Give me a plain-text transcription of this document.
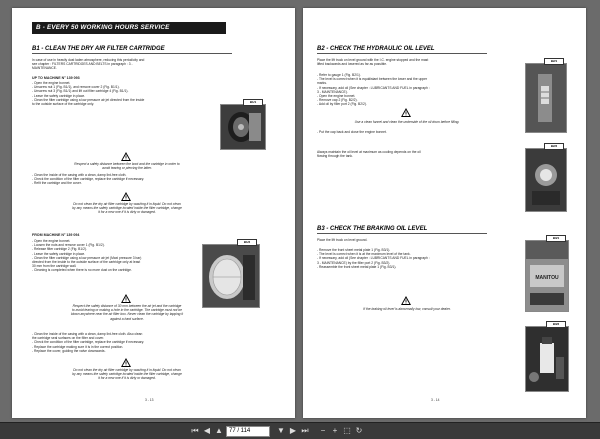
B - EVERY 50 WORKING HOURS SERVICE
B1 - CLEAN THE DRY AIR FILTER CARTRIDGE
In case of use in heavily dust laden atmosphere, reducing this periodicity and
see chapter : FILTERS CARTRIDGES AND BELTS in paragraph : 3 -
MAINTENANCE.
UP TO MACHINE N° 139 093
- Open the engine bonnet.
- Unscrew nut 1 (Fig. B1/1), and remove cover 2 (Fig. B1/1).
- Unscrew nut 3 (Fig. B1/1) and lift out filter cartridge 4 (Fig. B1/1).
- Leave the safety cartridge in place.
- Clean the filter cartridge using a low pressure air jet directed from the inside
to the outside surface of the cartridge only.
B1/1
Respect a safety distance between the boot and the cartridge in order to
avoid tearing or piercing the latter.
- Clean the inside of the casing with a clean, damp lint-free cloth.
- Check the condition of the filter cartridge, replace the cartridge if necessary.
- Refit the cartridge and the cover.
Do not clean the dry air filter cartridge by washing it in liquid. Do not clean
by any means the safety cartridge located inside the filter cartridge, change
it for a new one if it is dirty or damaged.
FROM MACHINE N° 139 094
- Open the engine bonnet.
- Loosen the nuts and remove cover 1 (Fig. B1/2).
- Release filter cartridge 2 (Fig. B1/2).
- Leave the safety cartridge in place.
- Clean the filter cartridge using a low pressure air jet (Maxi pressure 3 bar)
directed from the inside to the outside surface of the cartridge only at least
30 mm from the cartridge wall.
- Cleaning is completed when there is no more dust on the cartridge.
B1/2
Respect the safety distance of 30 mm between the air jet and the cartridge
to avoid tearing or making a hole in the cartridge. The cartridge must not be
blown anywhere near the air filter box. Never clean the cartridge by tapping it
against a hard surface.
- Clean the inside of the casing with a clean, damp lint-free cloth. Also clean
the cartridge seal surfaces on the filter and cover.
- Check the condition of the filter cartridge, replace the cartridge if necessary.
- Replace the cartridge making sure it is in the correct position.
- Replace the cover, guiding the valve downwards.
Do not clean the dry air filter cartridge by washing it in liquid. Do not clean
by any means the safety cartridge located inside the filter cartridge, change
it for a new one if it is dirty or damaged.
3 - 13
B2 - CHECK THE HYDRAULIC OIL LEVEL
Place the lift truck on level ground with the I.C. engine stopped and the mast
lifted backwards and lowered as far as possible.
- Refer to gauge 1 (Fig. B2/1).
- The level is correct when it is equidistant between the lower and the upper
marks.
- If necessary, add oil (See chapter : LUBRICANTS AND FUEL in paragraph :
3 - MAINTENANCE).
- Open the engine bonnet.
- Remove cap 2 (Fig. B2/2).
- Add oil by filler port 2 (Fig. B2/2).
B2/1
Use a clean funnel and clean the underside of the oil drum before filling.
- Put the cap back and close the engine bonnet.
B2/2
Always maintain the oil level at maximum as cooling depends on the oil
flowing through the tank.
B3 - CHECK THE BRAKING OIL LEVEL
Place the lift truck on level ground.	B3/1
MANITOU
- Remove the front sheet metal plate 1 (Fig. B3/1).
- The level is correct when it is at the maximum level of the tank.
- If necessary, add oil (See chapter : LUBRICANTS AND FUEL in paragraph :
3 - MAINTENANCE) by the filler port 2 (Fig. B3/2).
- Reassemble the front sheet metal plate 1 (Fig. B3/1).
If the braking oil level is abnormally low, consult your dealer.
B3/2
3 - 14
⏮ ◀ ▲	77 / 114	▼ ▶ ⏭	− + ⬚ ↻
